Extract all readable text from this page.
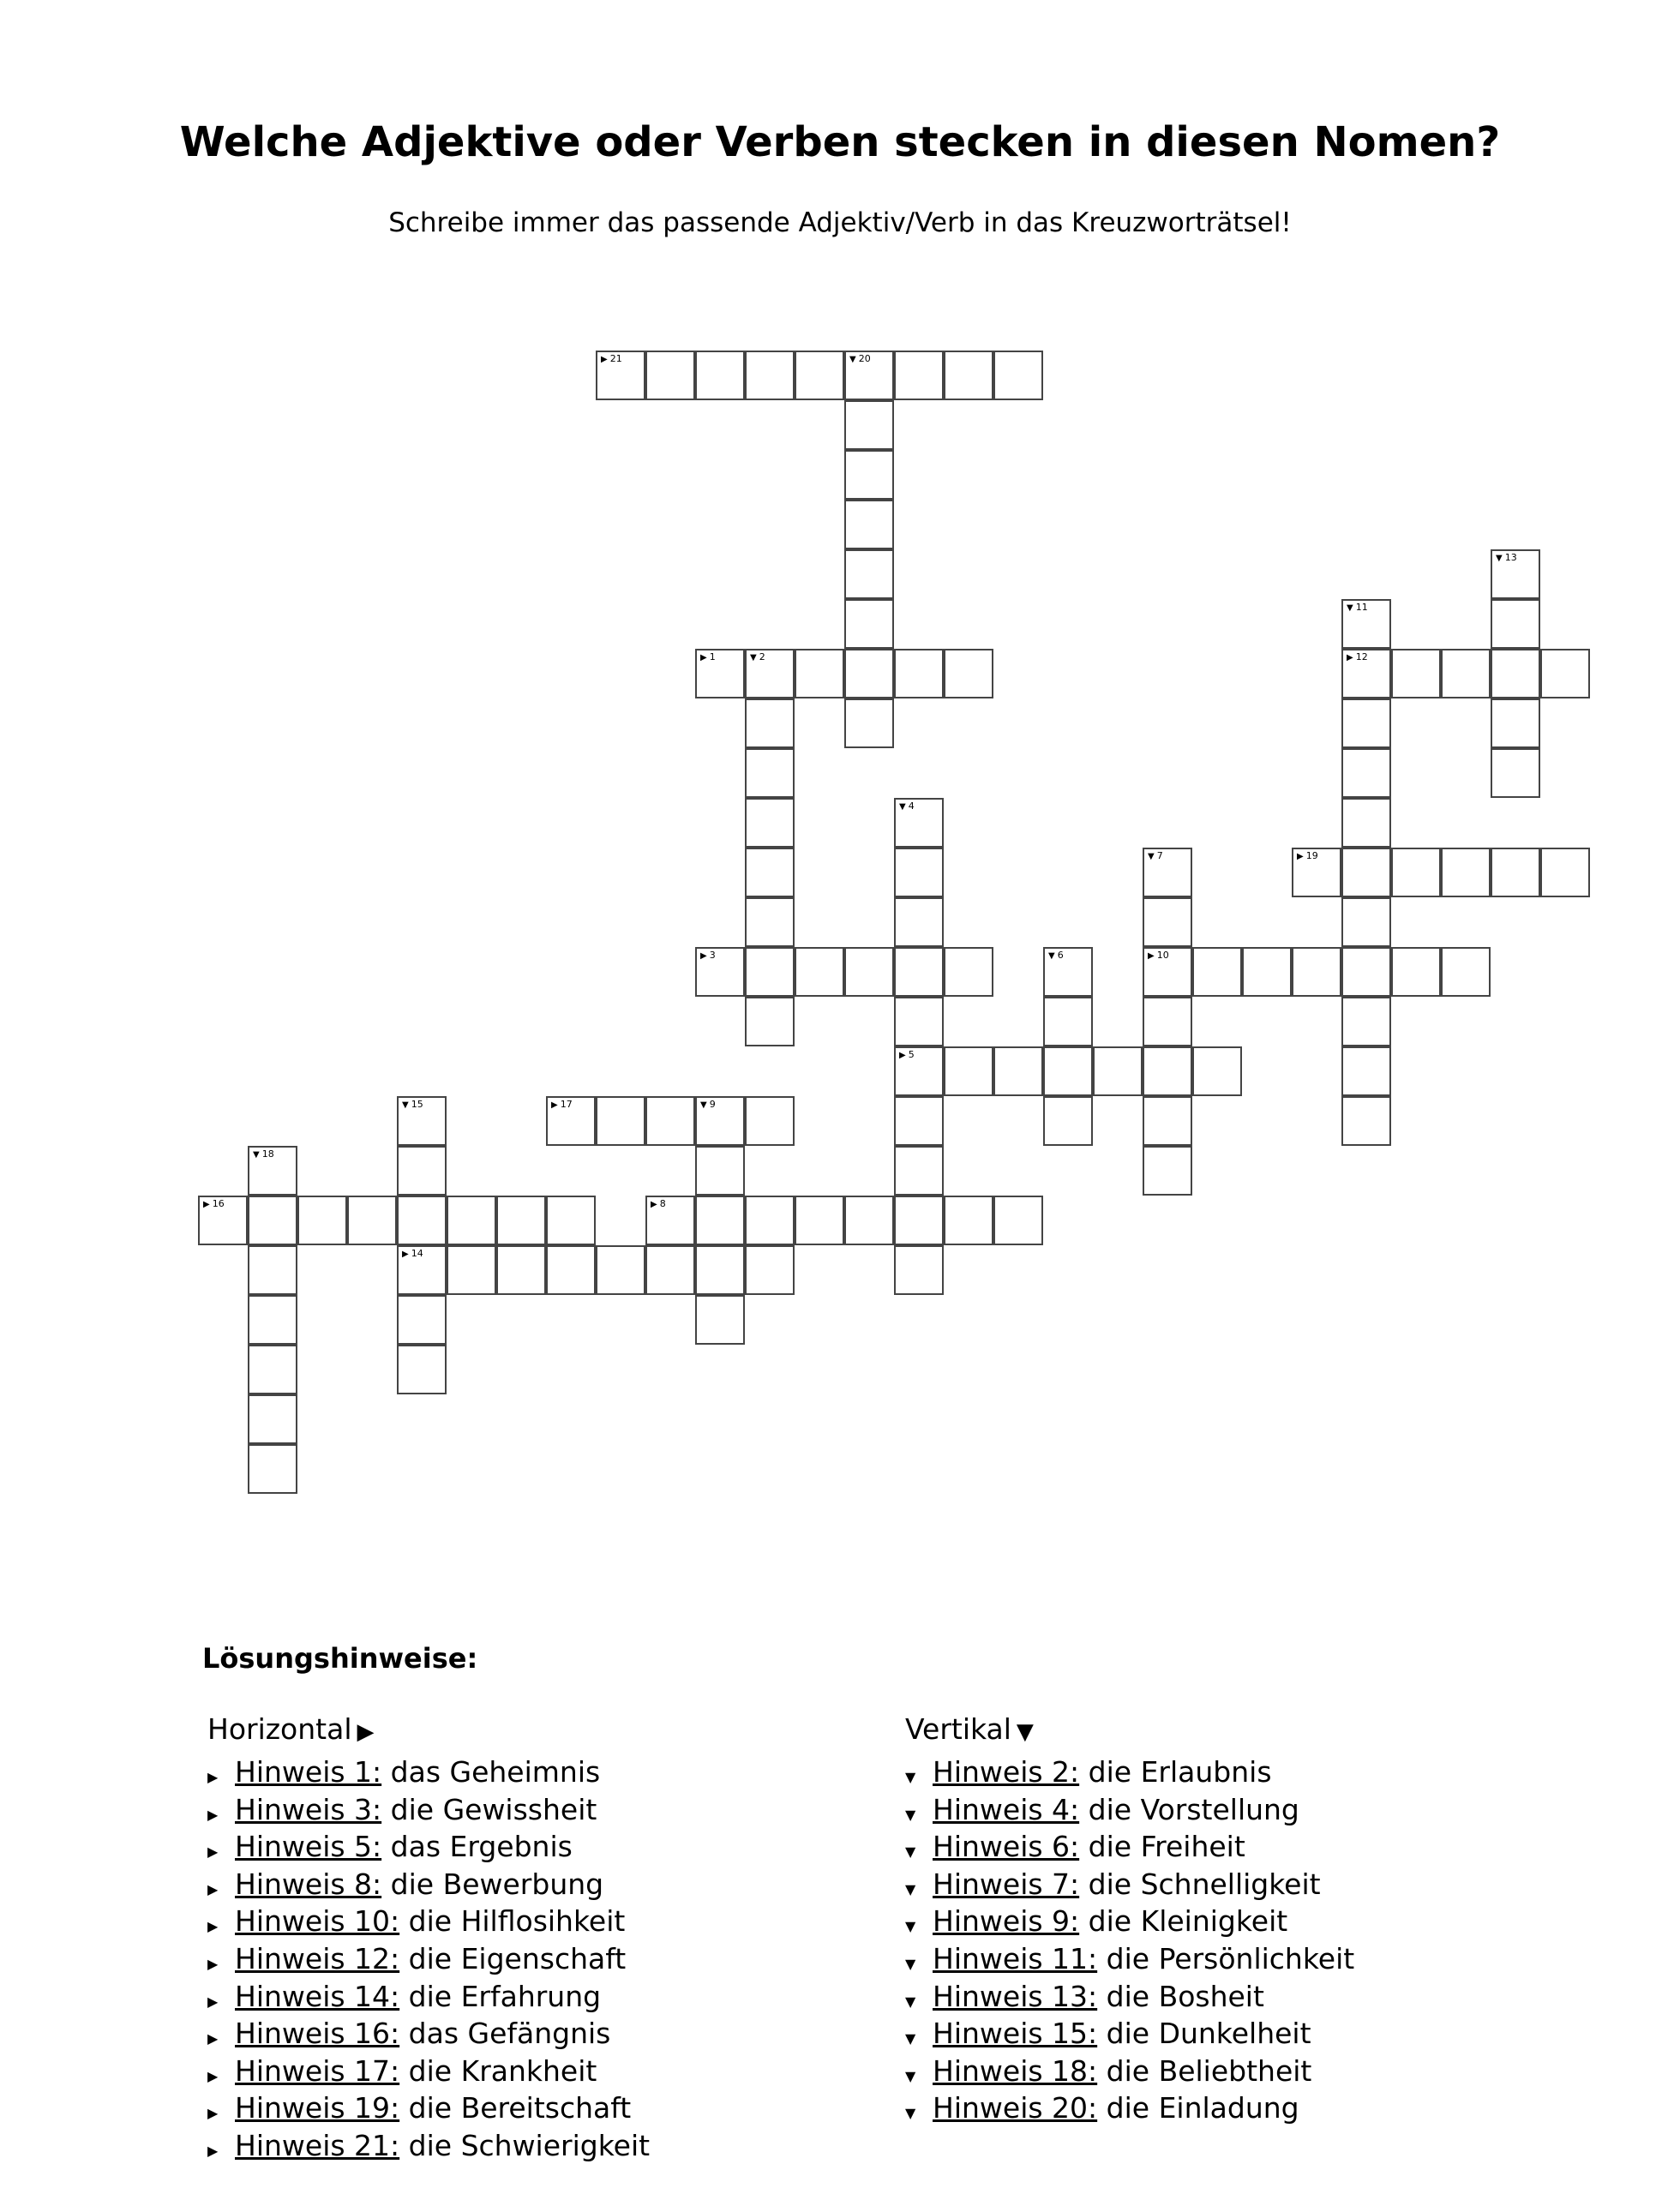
Welche Adjektive oder Verben stecken in diesen Nomen?

Schreibe immer das passende Adjektiv/Verb in das Kreuzworträtsel!

▶ 1	▼ 2
▶ 3
▼ 4
▶ 5
▼ 6
▼ 7
▶ 10
▶ 8
▼ 9
▼ 11
▶ 12
▼ 13
▶ 14
▼ 15
▶ 16
▶ 17
▼ 18
▶ 19
▼ 20
▶ 21
Lösungshinweise:
Horizontal ▶
▶ Hinweis 1: das Geheimnis
▶ Hinweis 3: die Gewissheit
▶ Hinweis 5: das Ergebnis
▶ Hinweis 8: die Bewerbung
▶ Hinweis 10: die Hilflosihkeit
▶ Hinweis 12: die Eigenschaft
▶ Hinweis 14: die Erfahrung
▶ Hinweis 16: das Gefängnis
▶ Hinweis 17: die Krankheit
▶ Hinweis 19: die Bereitschaft
▶ Hinweis 21: die Schwierigkeit
Vertikal ▼
▼ Hinweis 2: die Erlaubnis
▼ Hinweis 4: die Vorstellung
▼ Hinweis 6: die Freiheit
▼ Hinweis 7: die Schnelligkeit
▼ Hinweis 9: die Kleinigkeit
▼ Hinweis 11: die Persönlichkeit
▼ Hinweis 13: die Bosheit
▼ Hinweis 15: die Dunkelheit
▼ Hinweis 18: die Beliebtheit
▼ Hinweis 20: die Einladung
